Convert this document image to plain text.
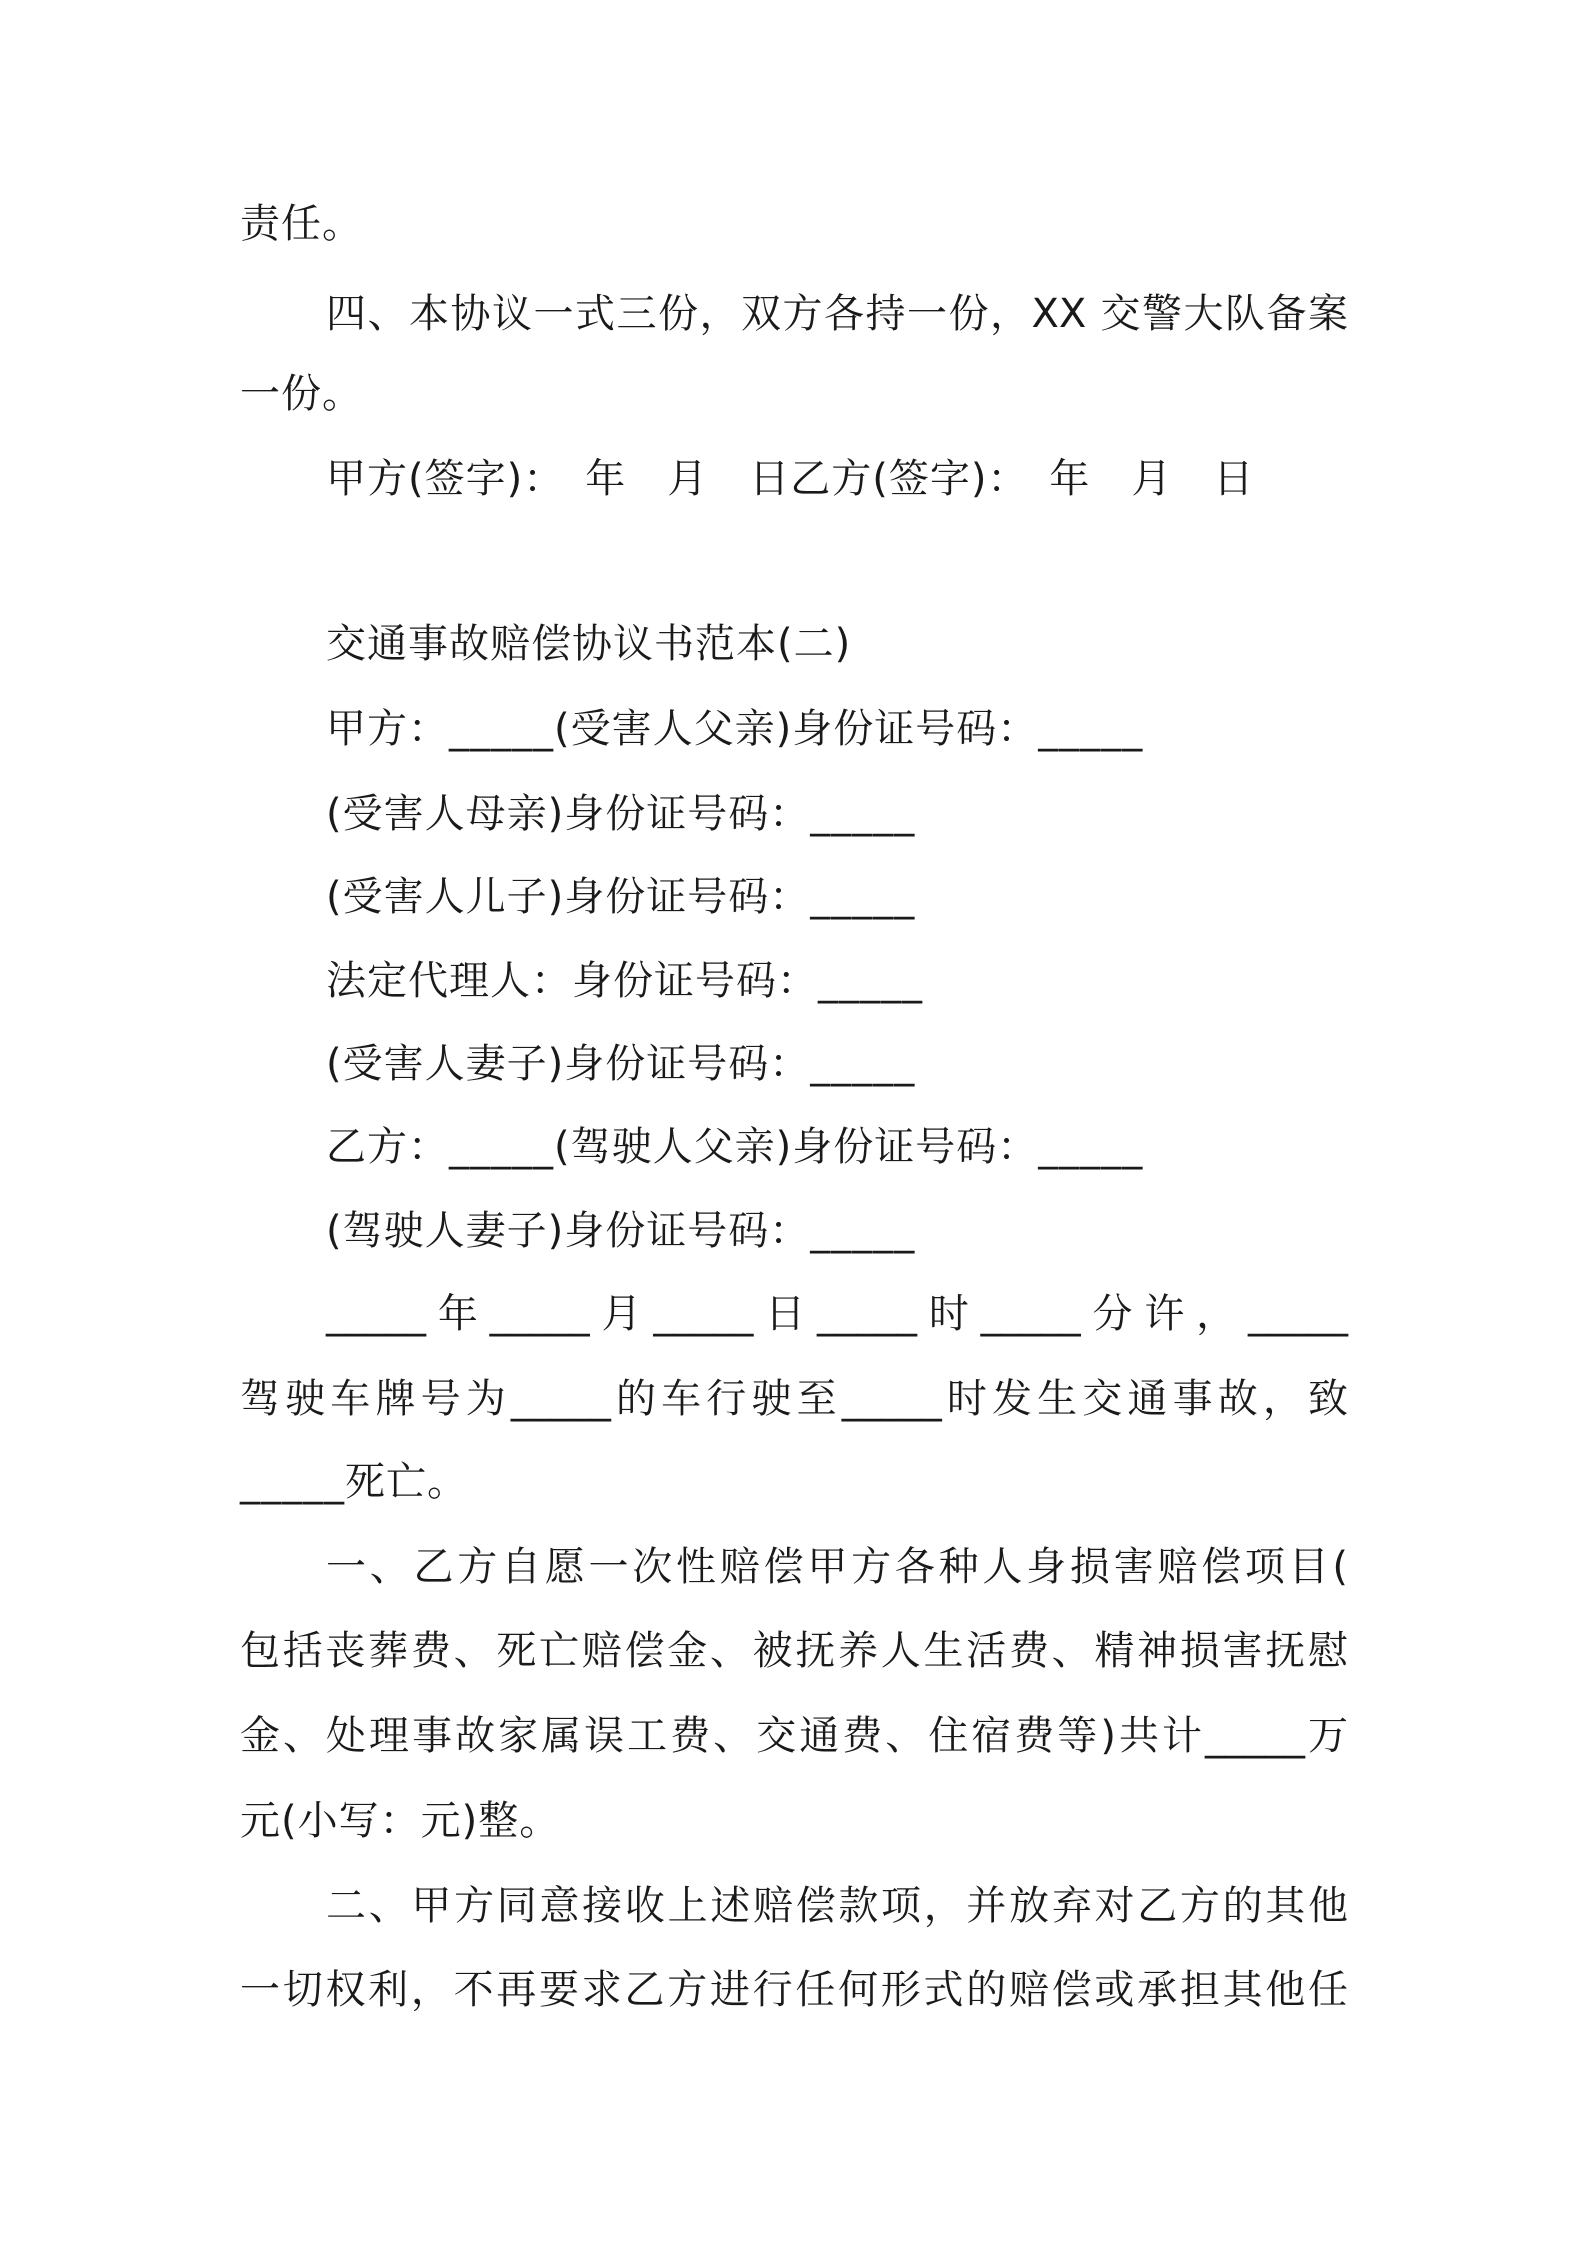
责任。
四、本协议一式三份，双方各持一份，XX 交警大队备案
一份。
甲方(签字)：　年　月　日乙方(签字)：　年　月　日
交通事故赔偿协议书范本(二)
甲方：_____(受害人父亲)身份证号码：_____
(受害人母亲)身份证号码：_____
(受害人儿子)身份证号码：_____
法定代理人：身份证号码：_____
(受害人妻子)身份证号码：_____
乙方：_____(驾驶人父亲)身份证号码：_____
(驾驶人妻子)身份证号码：_____
_____年_____月_____日_____时_____分许，_____
驾驶车牌号为_____的车行驶至_____时发生交通事故，致
_____死亡。
一、乙方自愿一次性赔偿甲方各种人身损害赔偿项目(
包括丧葬费、死亡赔偿金、被抚养人生活费、精神损害抚慰
金、处理事故家属误工费、交通费、住宿费等)共计_____万
元(小写：元)整。
二、甲方同意接收上述赔偿款项，并放弃对乙方的其他
一切权利，不再要求乙方进行任何形式的赔偿或承担其他任
